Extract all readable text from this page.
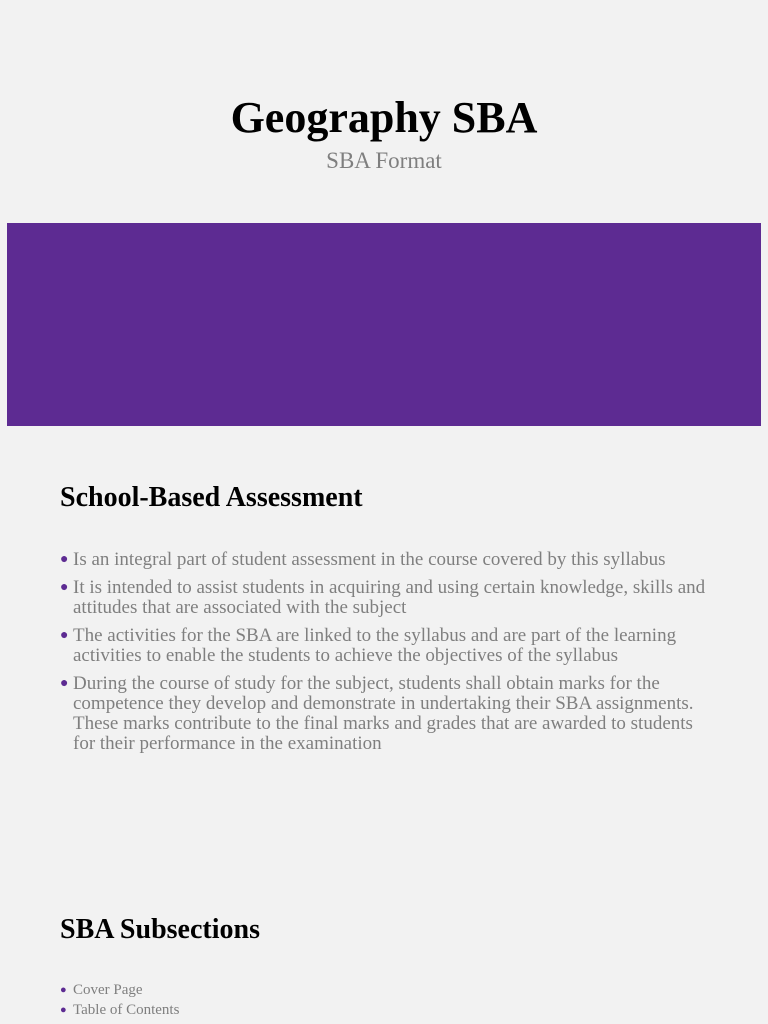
Geography SBA
SBA Format
School-Based Assessment
● Is an integral part of student assessment in the course covered by this syllabus
● It is intended to assist students in acquiring and using certain knowledge, skills and attitudes that are associated with the subject
● The activities for the SBA are linked to the syllabus and are part of the learning activities to enable the students to achieve the objectives of the syllabus
● During the course of study for the subject, students shall obtain marks for the competence they develop and demonstrate in undertaking their SBA assignments. These marks contribute to the final marks and grades that are awarded to students for their performance in the examination
SBA Subsections
● Cover Page
● Table of Contents
